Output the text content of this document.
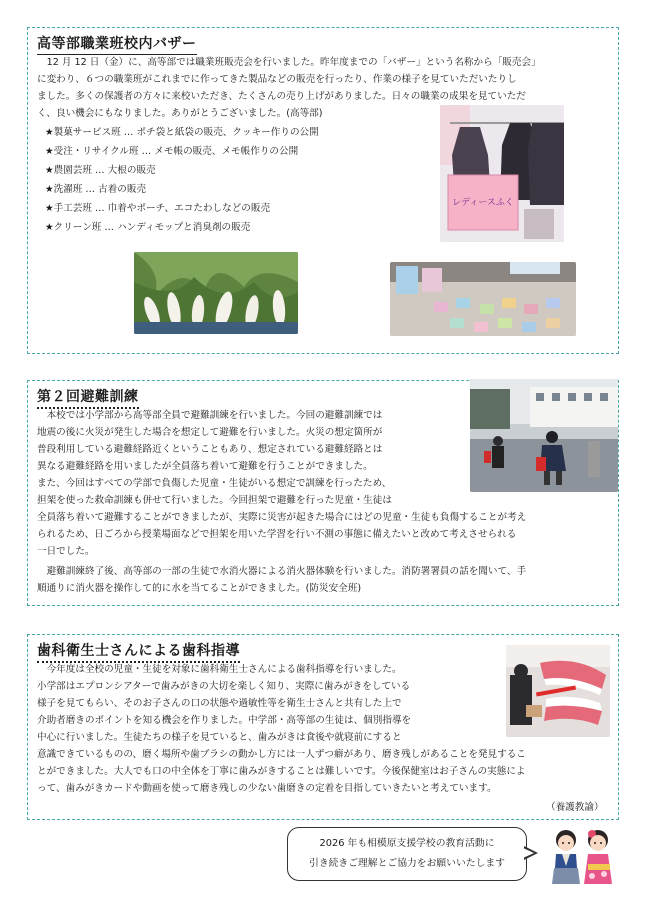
高等部職業班校内バザー
　12 月 12 日（金）に、高等部では職業班販売会を行いました。昨年度までの「バザー」という名称から「販売会」
に変わり、６つの職業班がこれまでに作ってきた製品などの販売を行ったり、作業の様子を見ていただいたりし
ました。多くの保護者の方々に来校いただき、たくさんの売り上げがありました。日々の職業の成果を見ていただ
く、良い機会にもなりました。ありがとうございました。(高等部)
★製菓サービス班 … ポチ袋と紙袋の販売、クッキー作りの公開
★受注・リサイクル班 … メモ帳の販売、メモ帳作りの公開
★農園芸班 … 大根の販売
★洗濯班 … 古着の販売
★手工芸班 … 巾着やポーチ、エコたわしなどの販売
★クリーン班 … ハンディモップと消臭剤の販売
レディースふく
第２回避難訓練
　本校では小学部から高等部全員で避難訓練を行いました。今回の避難訓練では
地震の後に火災が発生した場合を想定して避難を行いました。火災の想定箇所が
普段利用している避難経路近くということもあり、想定されている避難経路とは
異なる避難経路を用いましたが全員落ち着いて避難を行うことができました。
また、今回はすべての学部で負傷した児童・生徒がいる想定で訓練を行ったため、
担架を使った救命訓練も併せて行いました。今回担架で避難を行った児童・生徒は
全員落ち着いて避難することができましたが、実際に災害が起きた場合にはどの児童・生徒も負傷することが考え
られるため、日ごろから授業場面などで担架を用いた学習を行い不測の事態に備えたいと改めて考えさせられる
一日でした。
　避難訓練終了後、高等部の一部の生徒で水消火器による消火器体験を行いました。消防署署員の話を聞いて、手
順通りに消火器を操作して的に水を当てることができました。(防災安全班)
歯科衛生士さんによる歯科指導
　今年度は全校の児童・生徒を対象に歯科衛生士さんによる歯科指導を行いました。
小学部はエプロンシアターで歯みがきの大切を楽しく知り、実際に歯みがきをしている
様子を見てもらい、そのお子さんの口の状態や過敏性等を衛生士さんと共有した上で
介助者磨きのポイントを知る機会を作りました。中学部・高等部の生徒は、個別指導を
中心に行いました。生徒たちの様子を見ていると、歯みがきは食後や就寝前にすると
意識できているものの、磨く場所や歯ブラシの動かし方には一人ずつ癖があり、磨き残しがあることを発見するこ
とができました。大人でも口の中全体を丁寧に歯みがきすることは難しいです。今後保健室はお子さんの実態によ
って、歯みがきカードや動画を使って磨き残しの少ない歯磨きの定着を目指していきたいと考えています。
（養護教諭）
2026 年も相模原支援学校の教育活動に
引き続きご理解とご協力をお願いいたします
